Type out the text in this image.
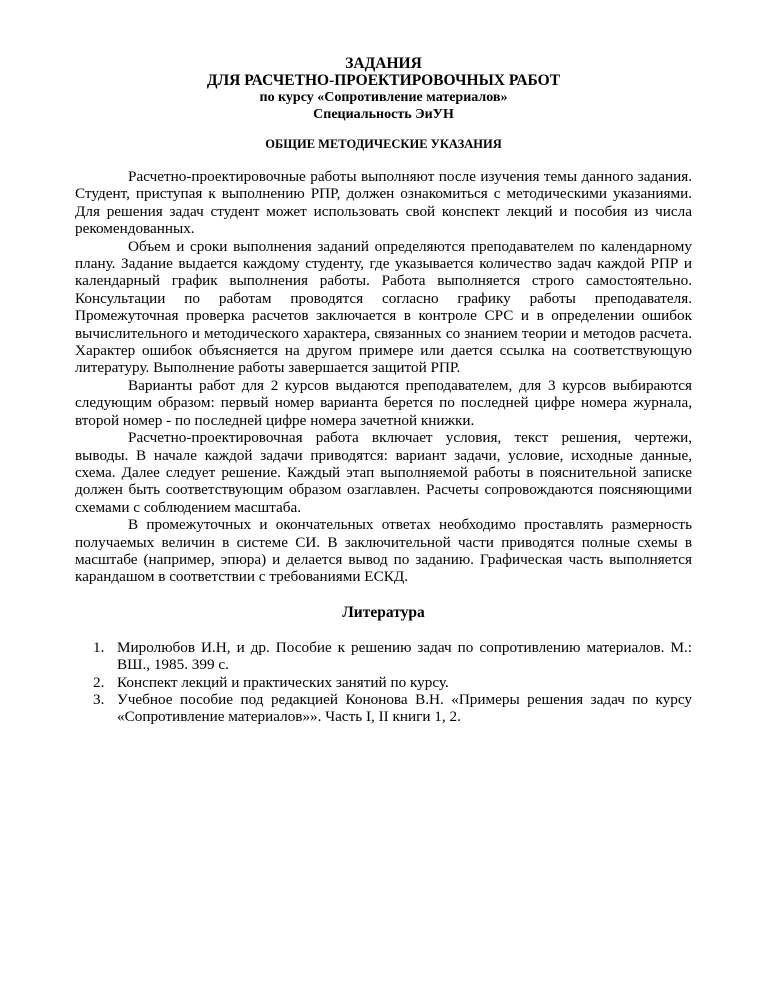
ЗАДАНИЯ
ДЛЯ РАСЧЕТНО-ПРОЕКТИРОВОЧНЫХ РАБОТ
по курсу «Сопротивление материалов»
Специальность ЭиУН
ОБЩИЕ МЕТОДИЧЕСКИЕ УКАЗАНИЯ

Расчетно-проектировочные работы выполняют после изучения темы данного задания. Студент, приступая к выполнению РПР, должен ознакомиться с методическими указаниями. Для решения задач студент может использовать свой конспект лекций и пособия из числа рекомендованных.

Объем и сроки выполнения заданий определяются преподавателем по календарному плану. Задание выдается каждому студенту, где указывается количество задач каждой РПР и календарный график выполнения работы. Работа выполняется строго самостоятельно. Консультации по работам проводятся согласно графику работы преподавателя. Промежуточная проверка расчетов заключается в контроле СРС и в определении ошибок вычислительного и методического характера, связанных со знанием теории и методов расчета. Характер ошибок объясняется на другом примере или дается ссылка на соответствующую литературу. Выполнение работы завершается защитой РПР.

Варианты работ для 2 курсов выдаются преподавателем, для 3 курсов выбираются следующим образом: первый номер варианта берется по последней цифре номера журнала, второй номер - по последней цифре номера зачетной книжки.

Расчетно-проектировочная работа включает условия, текст решения, чертежи, выводы. В начале каждой задачи приводятся: вариант задачи, условие, исходные данные, схема. Далее следует решение. Каждый этап выполняемой работы в пояснительной записке должен быть соответствующим образом озаглавлен. Расчеты сопровождаются поясняющими схемами с соблюдением масштаба.

В промежуточных и окончательных ответах необходимо проставлять размерность получаемых величин в системе СИ. В заключительной части приводятся полные схемы в масштабе (например, эпюра) и делается вывод по заданию. Графическая часть выполняется карандашом в соответствии с требованиями ЕСКД.

Литература
1. Миролюбов И.Н, и др. Пособие к решению задач по сопротивлению материалов. М.: ВШ., 1985. 399 с.
2. Конспект лекций и практических занятий по курсу.
3. Учебное пособие под редакцией Кононова В.Н. «Примеры решения задач по курсу «Сопротивление материалов»». Часть I, II книги 1, 2.
